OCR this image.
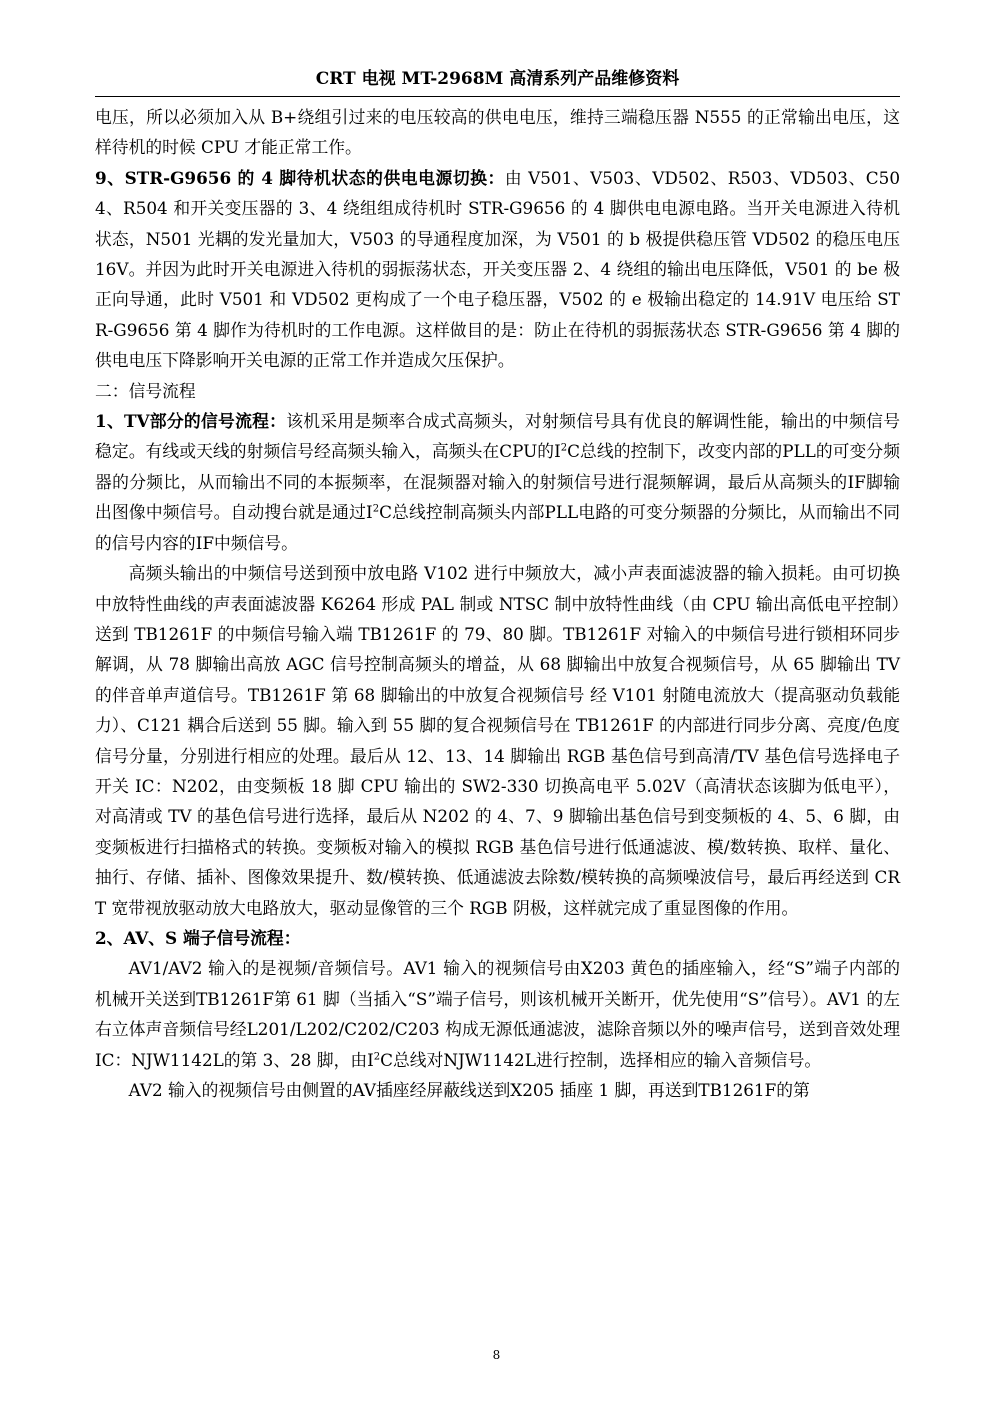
CRT 电视 MT-2968M 高清系列产品维修资料

电压，所以必须加入从 B+绕组引过来的电压较高的供电电压，维持三端稳压器 N555 的正常输出电压，这样待机的时候 CPU 才能正常工作。

9、STR-G9656 的 4 脚待机状态的供电电源切换：由 V501、V503、VD502、R503、VD503、C504、R504 和开关变压器的 3、4 绕组组成待机时 STR-G9656 的 4 脚供电电源电路。当开关电源进入待机状态，N501 光耦的发光量加大，V503 的导通程度加深，为 V501 的 b 极提供稳压管 VD502 的稳压电压 16V。并因为此时开关电源进入待机的弱振荡状态，开关变压器 2、4 绕组的输出电压降低，V501 的 be 极正向导通，此时 V501 和 VD502 更构成了一个电子稳压器，V502 的 e 极输出稳定的 14.91V 电压给 STR-G9656 第 4 脚作为待机时的工作电源。这样做目的是：防止在待机的弱振荡状态 STR-G9656 第 4 脚的供电电压下降影响开关电源的正常工作并造成欠压保护。

二：信号流程

1、TV部分的信号流程：该机采用是频率合成式高频头，对射频信号具有优良的解调性能，输出的中频信号稳定。有线或天线的射频信号经高频头输入，高频头在CPU的$I^2C$总线的控制下，改变内部的PLL的可变分频器的分频比，从而输出不同的本振频率，在混频器对输入的射频信号进行混频解调，最后从高频头的IF脚输出图像中频信号。自动搜台就是通过$I^2C$总线控制高频头内部PLL电路的可变分频器的分频比，从而输出不同的信号内容的IF中频信号。

高频头输出的中频信号送到预中放电路 V102 进行中频放大，减小声表面滤波器的输入损耗。由可切换中放特性曲线的声表面滤波器 K6264 形成 PAL 制或 NTSC 制中放特性曲线（由 CPU 输出高低电平控制）送到 TB1261F 的中频信号输入端 TB1261F 的 79、80 脚。TB1261F 对输入的中频信号进行锁相环同步解调，从 78 脚输出高放 AGC 信号控制高频头的增益，从 68 脚输出中放复合视频信号，从 65 脚输出 TV 的伴音单声道信号。TB1261F 第 68 脚输出的中放复合视频信号 经 V101 射随电流放大（提高驱动负载能力）、C121 耦合后送到 55 脚。输入到 55 脚的复合视频信号在 TB1261F 的内部进行同步分离、亮度/色度信号分量，分别进行相应的处理。最后从 12、13、14 脚输出 RGB 基色信号到高清/TV 基色信号选择电子开关 IC：N202，由变频板 18 脚 CPU 输出的 SW2-330 切换高电平 5.02V（高清状态该脚为低电平），对高清或 TV 的基色信号进行选择，最后从 N202 的 4、7、9 脚输出基色信号到变频板的 4、5、6 脚，由变频板进行扫描格式的转换。变频板对输入的模拟 RGB 基色信号进行低通滤波、模/数转换、取样、量化、抽行、存储、插补、图像效果提升、数/模转换、低通滤波去除数/模转换的高频噪波信号，最后再经送到 CRT 宽带视放驱动放大电路放大，驱动显像管的三个 RGB 阴极，这样就完成了重显图像的作用。

2、AV、S 端子信号流程：

AV1/AV2 输入的是视频/音频信号。AV1 输入的视频信号由X203 黄色的插座输入，经“S”端子内部的机械开关送到TB1261F第 61 脚（当插入“S”端子信号，则该机械开关断开，优先使用“S”信号）。AV1 的左右立体声音频信号经L201/L202/C202/C203 构成无源低通滤波，滤除音频以外的噪声信号，送到音效处理IC：NJW1142L的第 3、28 脚，由$I^2C$总线对NJW1142L进行控制，选择相应的输入音频信号。

AV2 输入的视频信号由侧置的AV插座经屏蔽线送到X205 插座 1 脚，再送到TB1261F的第

8
